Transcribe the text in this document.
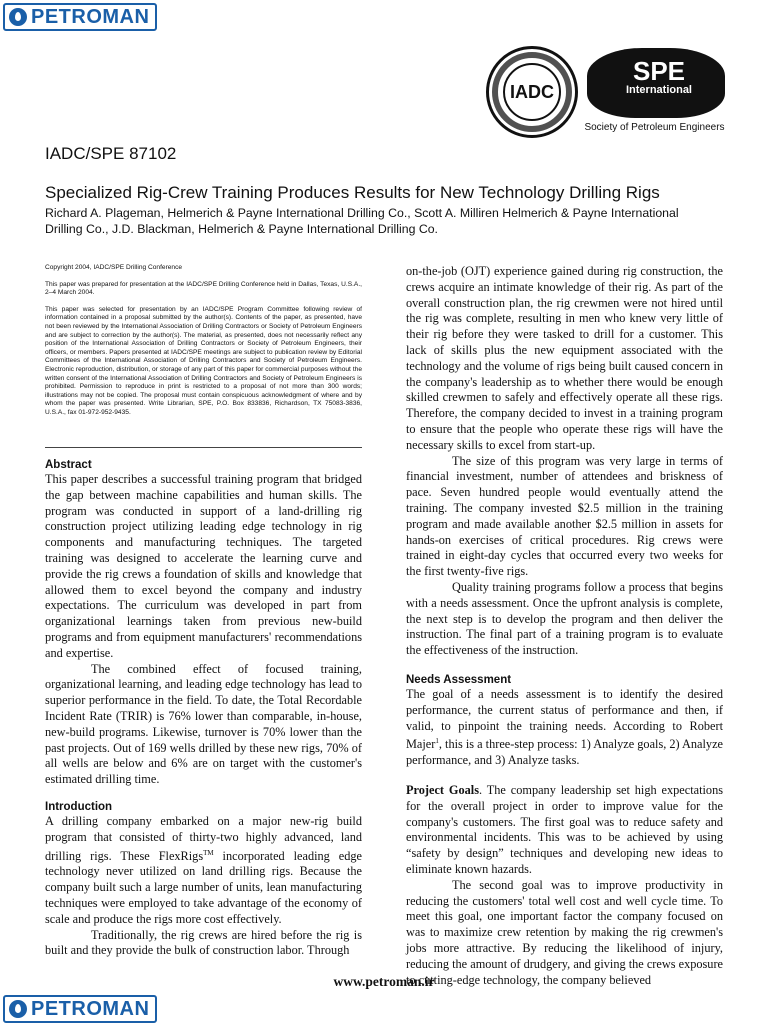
PETROMAN
IADC
SPE
International
Society of Petroleum Engineers
IADC/SPE 87102
Specialized Rig-Crew Training Produces Results for New Technology Drilling Rigs
Richard A. Plageman, Helmerich & Payne International Drilling Co., Scott A. Milliren Helmerich & Payne International Drilling Co., J.D. Blackman, Helmerich & Payne International Drilling Co.

Copyright 2004, IADC/SPE Drilling Conference

This paper was prepared for presentation at the IADC/SPE Drilling Conference held in Dallas, Texas, U.S.A., 2–4 March 2004.

This paper was selected for presentation by an IADC/SPE Program Committee following review of information contained in a proposal submitted by the author(s). Contents of the paper, as presented, have not been reviewed by the International Association of Drilling Contractors or Society of Petroleum Engineers and are subject to correction by the author(s). The material, as presented, does not necessarily reflect any position of the International Association of Drilling Contractors or Society of Petroleum Engineers, their officers, or members. Papers presented at IADC/SPE meetings are subject to publication review by Editorial Committees of the International Association of Drilling Contractors and Society of Petroleum Engineers. Electronic reproduction, distribution, or storage of any part of this paper for commercial purposes without the written consent of the International Association of Drilling Contractors and Society of Petroleum Engineers is prohibited. Permission to reproduce in print is restricted to a proposal of not more than 300 words; illustrations may not be copied. The proposal must contain conspicuous acknowledgment of where and by whom the paper was presented. Write Librarian, SPE, P.O. Box 833836, Richardson, TX 75083-3836, U.S.A., fax 01-972-952-9435.

Abstract

This paper describes a successful training program that bridged the gap between machine capabilities and human skills. The program was conducted in support of a land-drilling rig construction project utilizing leading edge technology in rig components and manufacturing techniques. The targeted training was designed to accelerate the learning curve and provide the rig crews a foundation of skills and knowledge that allowed them to excel beyond the company and industry expectations. The curriculum was developed in part from organizational learnings taken from previous new-build programs and from equipment manufacturers' recommendations and expertise.

The combined effect of focused training, organizational learning, and leading edge technology has lead to superior performance in the field. To date, the Total Recordable Incident Rate (TRIR) is 76% lower than comparable, in-house, new-build programs. Likewise, turnover is 70% lower than the past projects. Out of 169 wells drilled by these new rigs, 70% of all wells are below and 6% are on target with the customer's estimated drilling time.

Introduction

A drilling company embarked on a major new-rig build program that consisted of thirty-two highly advanced, land drilling rigs. These FlexRigs™ incorporated leading edge technology never utilized on land drilling rigs. Because the company built such a large number of units, lean manufacturing techniques were employed to take advantage of the economy of scale and produce the rigs more cost effectively.

Traditionally, the rig crews are hired before the rig is built and they provide the bulk of construction labor. Through

on-the-job (OJT) experience gained during rig construction, the crews acquire an intimate knowledge of their rig. As part of the overall construction plan, the rig crewmen were not hired until the rig was complete, resulting in men who knew very little of their rig before they were tasked to drill for a customer. This lack of skills plus the new equipment associated with the technology and the volume of rigs being built caused concern in the company's leadership as to whether there would be enough skilled crewmen to safely and effectively operate all these rigs. Therefore, the company decided to invest in a training program to ensure that the people who operate these rigs will have the necessary skills to excel from start-up.

The size of this program was very large in terms of financial investment, number of attendees and briskness of pace. Seven hundred people would eventually attend the training. The company invested $2.5 million in the training program and made available another $2.5 million in assets for hands-on exercises of critical procedures. Rig crews were trained in eight-day cycles that occurred every two weeks for the first twenty-five rigs.

Quality training programs follow a process that begins with a needs assessment. Once the upfront analysis is complete, the next step is to develop the program and then deliver the instruction. The final part of a training program is to evaluate the effectiveness of the instruction.

Needs Assessment

The goal of a needs assessment is to identify the desired performance, the current status of performance and then, if valid, to pinpoint the training needs. According to Robert Majer$^1$, this is a three-step process: 1) Analyze goals, 2) Analyze performance, and 3) Analyze tasks.

Project Goals. The company leadership set high expectations for the overall project in order to improve value for the company's customers. The first goal was to reduce safety and environmental incidents. This was to be achieved by using “safety by design” techniques and developing new ideas to eliminate known hazards.

The second goal was to improve productivity in reducing the customers' total well cost and well cycle time. To meet this goal, one important factor the company focused on was to maximize crew retention by making the rig crewmen's jobs more attractive. By reducing the likelihood of injury, reducing the amount of drudgery, and giving the crews exposure to cutting-edge technology, the company believed

www.petroman.ir
PETROMAN
